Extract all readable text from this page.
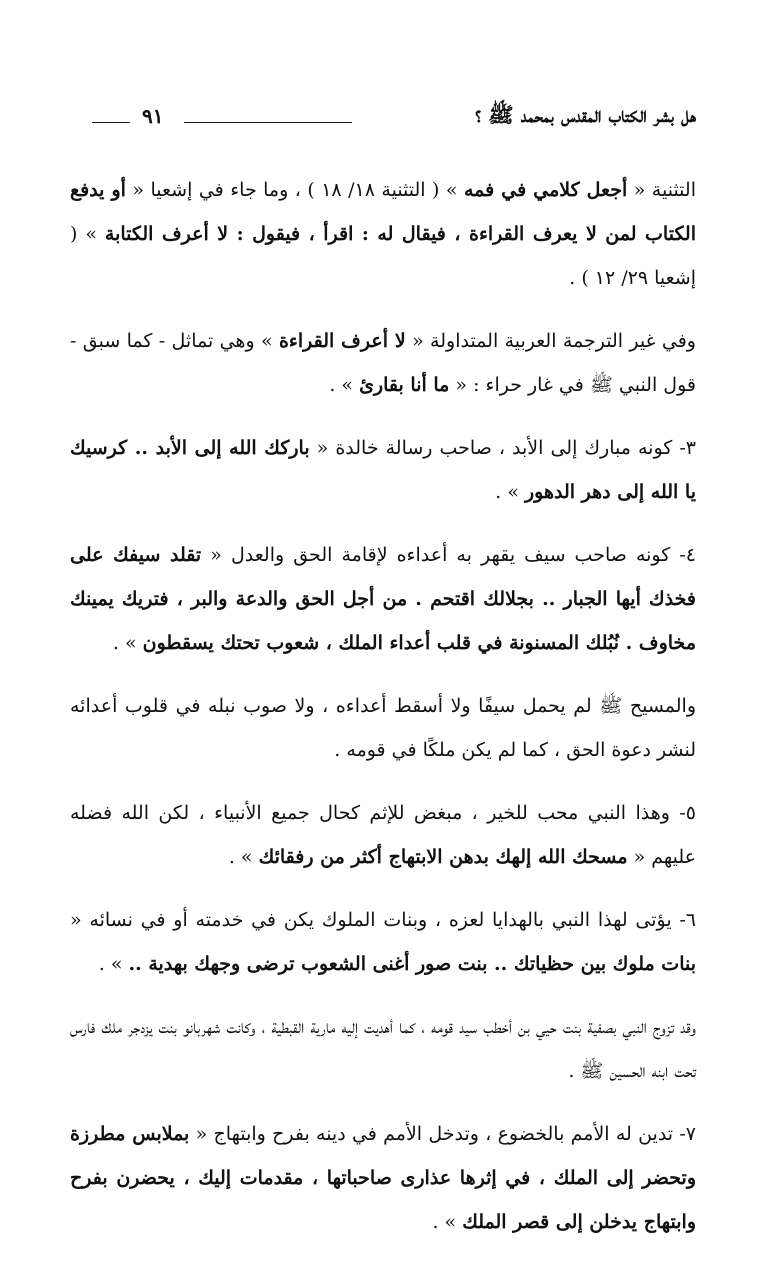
هل بشر الكتاب المقدس بمحمد ﷺ ؟
٩١

التثنية « أجعل كلامي في فمه » ( التثنية ١٨/ ١٨ ) ، وما جاء في إشعيا « أو يدفع الكتاب لمن لا يعرف القراءة ، فيقال له : اقرأ ، فيقول : لا أعرف الكتابة » ( إشعيا ٢٩/ ١٢ ) .

وفي غير الترجمة العربية المتداولة « لا أعرف القراءة » وهي تماثل - كما سبق - قول النبي ﷺ في غار حراء : « ما أنا بقارئ » .

٣- كونه مبارك إلى الأبد ، صاحب رسالة خالدة « باركك الله إلى الأبد .. كرسيك يا الله إلى دهر الدهور » .

٤- كونه صاحب سيف يقهر به أعداءه لإقامة الحق والعدل « تقلد سيفك على فخذك أيها الجبار .. بجلالك اقتحم . من أجل الحق والدعة والبر ، فتريك يمينك مخاوف . نُبُلك المسنونة في قلب أعداء الملك ، شعوب تحتك يسقطون » .

والمسيح ﷺ لم يحمل سيفًا ولا أسقط أعداءه ، ولا صوب نبله في قلوب أعدائه لنشر دعوة الحق ، كما لم يكن ملكًا في قومه .

٥- وهذا النبي محب للخير ، مبغض للإثم كحال جميع الأنبياء ، لكن الله فضله عليهم « مسحك الله إلهك بدهن الابتهاج أكثر من رفقائك » .

٦- يؤتى لهذا النبي بالهدايا لعزه ، وبنات الملوك يكن في خدمته أو في نسائه « بنات ملوك بين حظياتك .. بنت صور أغنى الشعوب ترضى وجهك بهدية .. » .

وقد تزوج النبي بصفية بنت حيي بن أخطب سيد قومه ، كما أهديت إليه مارية القبطية ، وكانت شهربانو بنت يزدجر ملك فارس تحت ابنه الحسين ﷺ .

٧- تدين له الأمم بالخضوع ، وتدخل الأمم في دينه بفرح وابتهاج « بملابس مطرزة وتحضر إلى الملك ، في إثرها عذارى صاحباتها ، مقدمات إليك ، يحضرن بفرح وابتهاج يدخلن إلى قصر الملك » .
